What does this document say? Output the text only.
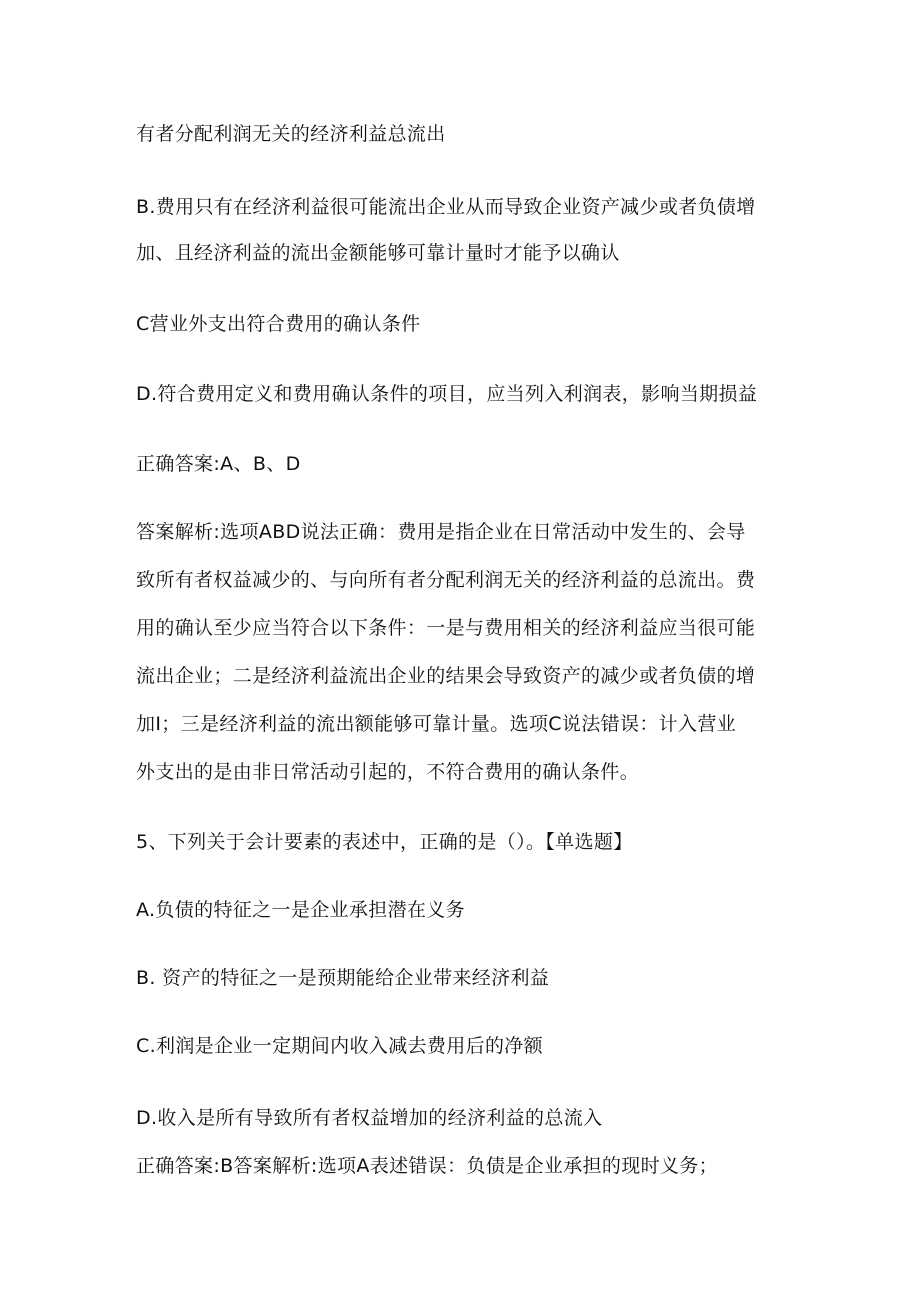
有者分配利润无关的经济利益总流出
B.费用只有在经济利益很可能流出企业从而导致企业资产减少或者负债增
加、且经济利益的流出金额能够可靠计量时才能予以确认
C营业外支出符合费用的确认条件
D.符合费用定义和费用确认条件的项目，应当列入利润表，影响当期损益
正确答案:A、B、D
答案解析:选项ABD说法正确：费用是指企业在日常活动中发生的、会导
致所有者权益减少的、与向所有者分配利润无关的经济利益的总流出。费
用的确认至少应当符合以下条件：一是与费用相关的经济利益应当很可能
流出企业；二是经济利益流出企业的结果会导致资产的减少或者负债的增
加I；三是经济利益的流出额能够可靠计量。选项C说法错误：计入营业
外支出的是由非日常活动引起的，不符合费用的确认条件。
5、下列关于会计要素的表述中，正确的是（）。【单选题】
A.负债的特征之一是企业承担潜在义务
B. 资产的特征之一是预期能给企业带来经济利益
C.利润是企业一定期间内收入减去费用后的净额
D.收入是所有导致所有者权益增加的经济利益的总流入
正确答案:B答案解析:选项A表述错误：负债是企业承担的现时义务；
